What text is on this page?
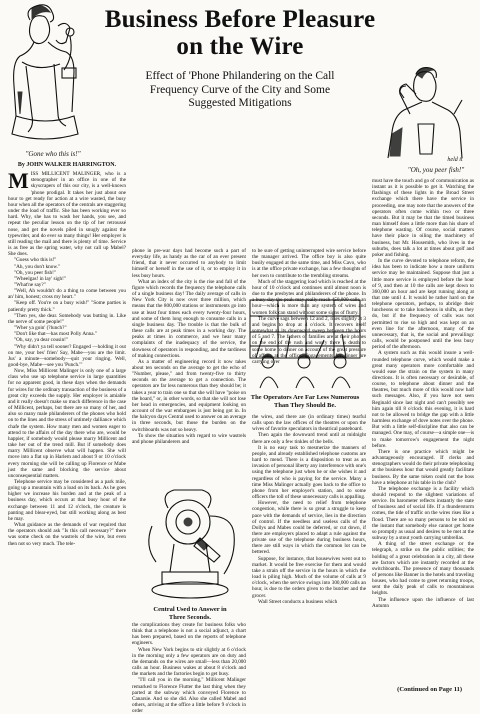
Business Before Pleasure
on the Wire
Effect of 'Phone Philandering on the Call
Frequency Curve of the City and Some
Suggested Mitigations
"Gone who this is!"
held it
"Oh, you peer fish!"
The Operators Are Far Less Numerous
Than They Should Be.
Central Used to Answer in
Three Seconds.
By JOHN WALKER HARRINGTON.
M ISS MILLICENT MALINGER, who is a stenographer in an office in one of the skyscrapers of this our city, is a well-known 'phone prodigal. It takes her just about one hour to get ready for action at a wire wasted, the busy hour when all the operators of the centrals are staggering under the load of traffic. She has been working ever so hard. Why, she has to wash her hands, you see, and repeat the peculiar lesson on the tip of her retroussé nose, and get the novels piled in snugly against the typewriter, and do ever so many things! Her employer is still reading the mail and there is plenty of time. Service is as free as the spring water, why not call up Mabel? She does.

"Guess who this is!"

"Ah, you don't know."

"Oh, you peer fish!"

"Wheelgas! in lay' sigh!"

"What'ne say?"

"Well, Ah wouldn't do a thing to come between you an' him, honest; cross my heart."

"Keep off. You're on a busy wish!" "Some parties is patiently pretty thick."

"Then yes, she dear. Somebody was butting in. Like the nerve of some people!"

"Wher ya goin' (?lunch?"

"Don't like that—has most Polly Anna."

"Oh, say, ya dear cousin!"

"Why didn't ya tell sooner? Engaged —holding it out on me, your bes' frien' Say, Mabe—you are the limit. Jus' a minute—somebody—quit your ringing. Well, good-bye, Mabe—see you 'Punch.'"

Now, Miss Millicent Malinger is only one of a large class who use up telephone service in large quantities for no apparent good, in these days when the demands for wires for the ordinary transaction of the business of a great city exceeds the supply. Her employer is amiable and it really doesn't make so much difference in the case of Millicent, perhaps, but there are so many of her, and also so many male philanderers of the phones who hold on to the lines and the stress of untimely dalliance which chafe the system. How many men and women eager to attend to the affairs of the day there who are, would be happier, if somebody would please marry Millicent and take her out of the trend mill. But if somebody does marry Millicent observe what will happen. She will move into a flat up in Harlem and about 9 or 10 o'clock every morning she will be calling up Florence or Mabe just the same and blocking the service about unconsequential matters.

Telephone service may be considered as a park mile, going up a mountain with a load on its back. As he goes higher we increase his burden and at the peak of a business day, which occurs at that busy hour of the exchange between 11 and 12 o'clock, the creature is panting and blear-eyed, but still working along as best he may.

What guidance as the demands of war required that the operators should ask "Is this call necessary?" there was some check on the wastrels of the wire, but even then not so very much. The tele-

phone in pre-war days had become such a part of everyday life, as handy as the car of an ever present friend, that it never occurred to anybody to limit himself or herself in the use of it, or to employ it in less busy hours.

What an index of the city is the rise and fall of the figure which records the frequency the telephone calls of a single business day! The daily average of calls in New York City is now over three million, which means that the 800,000 stations or instruments go into use at least four times each every twenty-four hours, and some of them long enough to consume calls in a single business day. The trouble is that the bulk of these calls are at peak times in a working day. The peaks at times in commerce, and we hear many complaints of the inadequacy of the service, the slowness of operators in responding, and the tardiness of making connections.

As a matter of engineering record it now takes about ten seconds on the average to get the echo of "Number, please," and from twenty-five to thirty seconds on the average to get a connection. The operators are far less numerous than they should be; it takes a year to train one so that she will have "poise on the board," or, in other words, so that she will not lose her head in emergencies, and equipment looking on account of the war embargoes is just being got in. In the halcyon days Central used to answer on an average in three seconds, but those the burden on the switchboards was not so heavy.

To show the situation with regard to wire wastrels and phone philanderers and

the complications they create for business folks who think that a telephone is not a social adjunct, a chart has been prepared, based on the reports of telephone engineers.

When New York begins to stir slightly at 6 o'clock in the morning only a few operators are on duty and the demands on the wires are small—less than 20,000 calls an hour. Business wakes at about 8 o'clock and the markets and the factories begin to get busy.

"I'll call you in the morning," Millicent Malinger remarked to Florence Flutter the last thing when they parted at the subway which conveyed Florence to Canarsie. And so she did. Also she called Mabel and others, arriving at the office a little before 9 o'clock in order

to be sure of getting uninterrupted wire service before the manager arrived. The office boy is also quite busily engaged at the same time, and Miss Cavo, who is at the office private exchange, has a few thoughts of her own to contribute to the trembling streams.

Much of the staggering load which is reached at the hour of 10 o'clock and continues until almost noon is due to the presbytes and philanderers of the phone. In a busy day the peak may really reach 450,000 calls an hour—which is more than any system of wires and women folk can stand without some signs of flurry.

The curve sags between 12 and 2, rises slightly at 3 and begins to drop at 4 o'clock. It recovers itself somewhat as its downward sweep between the hours of 5 and 7. The fathers of families are at their phones on the end of the rush and worry there is death to some home to dinner on account of the great pressure of affairs at the office. Engagements for dinner are carrying over

the wires, and there are (in ordinary times) tearful calls upon the law offices of the theatres or upon the wives of favorite speculators in theatrical pasteboard.

Then again the downward trend until at midnight there are only a few tinkles of the bells.

It is no easy task to mesmerize the manners of people, and already established telephone customs are hard to mend. There is a disposition to treat as an invasion of personal liberty any interference with one's using the telephone just when he or she wishes it and regardless of who is paying for the service. Many a time Miss Malinger actually goes back to the office to phone from her employer's station, and to some officers the toll of these unnecessary calls is appalling.

However, the need to relief from telephone congestion, while there is so great a struggle to keep pace with the demands of service, lies in the direction of control. If the needless and useless calls of the Dollys and Mabes could be deferred, or cut down, if there are employers placed to adapt a rule against the private use of the telephone during business hours, there are still ways in which the common lot can be bettered.

Suppose, for instance, that housewives went out to market. It would be free exercise for them and would take a strain off the service in the hours in which the load is piling high. Much of the volume of calls at 9 o'clock, when the service swings into 300,000 calls an hour, is due to the orders given to the butcher and the grocer.

Wall Street conducts a business which

must have the touch and go of communication as instant as it is possible to get it. Watching the flashings of these lights in the Broad Street exchange which there have the service in proceeding, one may note that the answers of the operators often come within two or three seconds. But it may be that the timed business man himself does a little more than his share of telephone wasting. Of course, social matters have their place in oiling the machinery of business, but Mr. Housemith, who lives in the suburbs, does talk a lot at times about golf and poker and fishing.

In the curve devoted to telephone reform, the idea has been to indicate how a more uniform service may be maintained. Suppose that just a little more service is employed before the hour of 9, and then at 10 the calls are kept down to 360,000 an hour and are kept running along at that rate until 4. It would be rather hard on the telephone operators, perhaps, to abridge their luncheons or to take luncheons in shifts, as they do, but if the frequency of calls was not permitted to rise so high and was kept on an even line for the afternoon, many of the unnecessary, that is, the social and prevailingc calls, would be postponed until the less busy period of the afternoon.

A system such as this would insure a well-rounded telephone curve, which would make a great many operators more comfortable and would ease the strain on the system in many directions. It is often necessary or desirable, of course, to telephone about dinner and the theatres, but much more of this would now half such messages. Also, if you have not seen Reginald since last night and can't possibly see him again till 8 o'clock this evening, it is hard not to be allowed to bridge the gap with a little harmless exchange of dove notes over the phone. But with a little self-discipline that also can be managed. One may, of course—a simple one—is to make tomorrow's engagement the night before.

There is one practice which might be advantageously encouraged. If clerks and stenographers would do their private telephoning at the business hour that would greatly facilitate business. By the same token could not the boss have a telephone at his table in the club?

The telephone exchange is a facility which should respond to the slightest variations of service. Its barometer reflects instantly the state of business and of social life. If a thunderstorm comes, the tide of traffic on the wires rises like a flood. There are so many persons to be told on the instant that somebody else cannot get home so promptly as usual and desires to be met at the subway by a stout youth carrying umbrellas.

A thing of the street exchange or the telegraph, a strike on the public utilities; the holding of a great celebration in a city, all these are factors which are instantly recorded at the switchboards. The presence of many thousands of persons like Banner in the hotels and traveling houses, who had come to greet returning troops, sent the daily peak of calls to mountainous heights.

The influence upon the influence of last Autumn

(Continued on Page 11)
